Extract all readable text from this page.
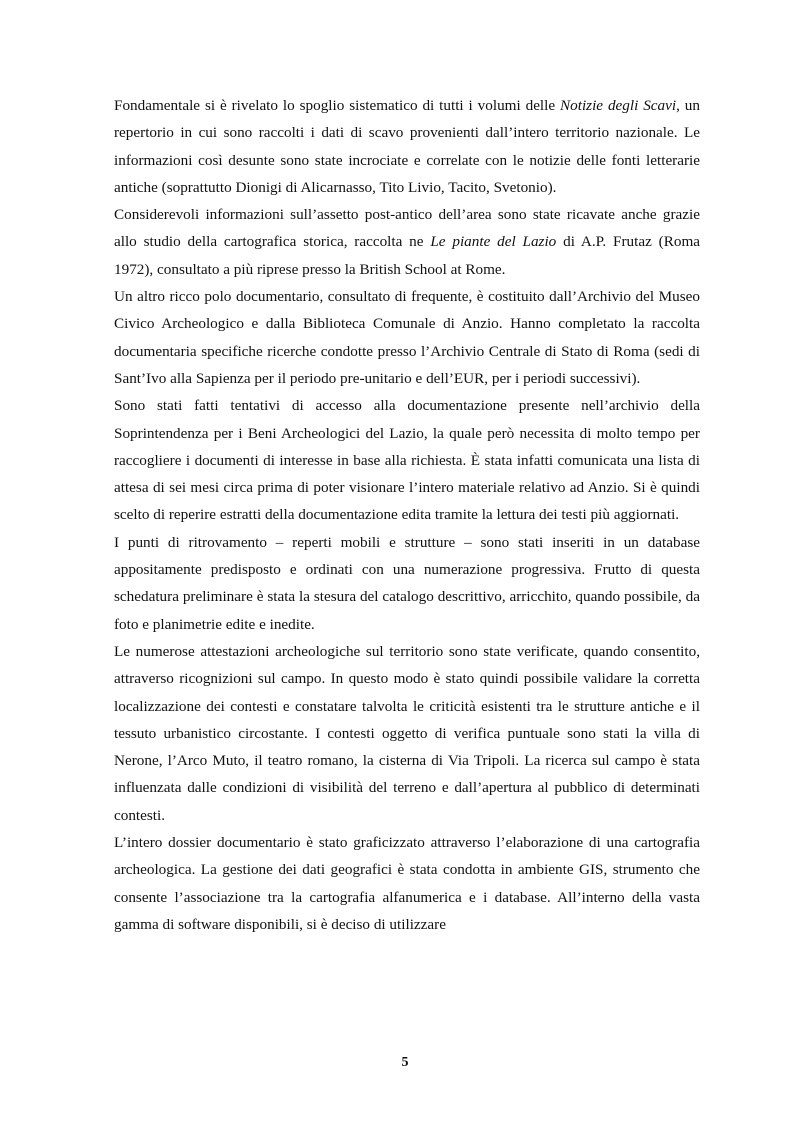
Fondamentale si è rivelato lo spoglio sistematico di tutti i volumi delle Notizie degli Scavi, un repertorio in cui sono raccolti i dati di scavo provenienti dall’intero territorio nazionale. Le informazioni così desunte sono state incrociate e correlate con le notizie delle fonti letterarie antiche (soprattutto Dionigi di Alicarnasso, Tito Livio, Tacito, Svetonio).

Considerevoli informazioni sull’assetto post-antico dell’area sono state ricavate anche grazie allo studio della cartografica storica, raccolta ne Le piante del Lazio di A.P. Frutaz (Roma 1972), consultato a più riprese presso la British School at Rome.

Un altro ricco polo documentario, consultato di frequente, è costituito dall’Archivio del Museo Civico Archeologico e dalla Biblioteca Comunale di Anzio. Hanno completato la raccolta documentaria specifiche ricerche condotte presso l’Archivio Centrale di Stato di Roma (sedi di Sant’Ivo alla Sapienza per il periodo pre-unitario e dell’EUR, per i periodi successivi).

Sono stati fatti tentativi di accesso alla documentazione presente nell’archivio della Soprintendenza per i Beni Archeologici del Lazio, la quale però necessita di molto tempo per raccogliere i documenti di interesse in base alla richiesta. È stata infatti comunicata una lista di attesa di sei mesi circa prima di poter visionare l’intero materiale relativo ad Anzio. Si è quindi scelto di reperire estratti della documentazione edita tramite la lettura dei testi più aggiornati.

I punti di ritrovamento – reperti mobili e strutture – sono stati inseriti in un database appositamente predisposto e ordinati con una numerazione progressiva. Frutto di questa schedatura preliminare è stata la stesura del catalogo descrittivo, arricchito, quando possibile, da foto e planimetrie edite e inedite.

Le numerose attestazioni archeologiche sul territorio sono state verificate, quando consentito, attraverso ricognizioni sul campo. In questo modo è stato quindi possibile validare la corretta localizzazione dei contesti e constatare talvolta le criticità esistenti tra le strutture antiche e il tessuto urbanistico circostante. I contesti oggetto di verifica puntuale sono stati la villa di Nerone, l’Arco Muto, il teatro romano, la cisterna di Via Tripoli. La ricerca sul campo è stata influenzata dalle condizioni di visibilità del terreno e dall’apertura al pubblico di determinati contesti.

L’intero dossier documentario è stato graficizzato attraverso l’elaborazione di una cartografia archeologica. La gestione dei dati geografici è stata condotta in ambiente GIS, strumento che consente l’associazione tra la cartografia alfanumerica e i database. All’interno della vasta gamma di software disponibili, si è deciso di utilizzare

5
